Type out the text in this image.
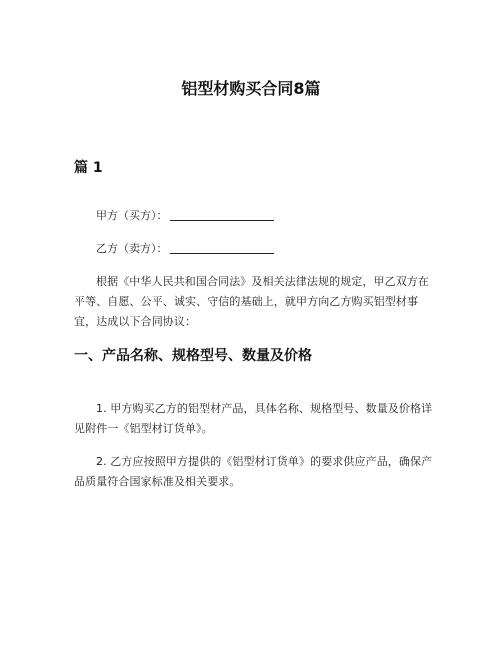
铝型材购买合同8篇
篇 1
甲方（买方）：
乙方（卖方）：
根据《中华人民共和国合同法》及相关法律法规的规定，甲乙双方在平等、自愿、公平、诚实、守信的基础上，就甲方向乙方购买铝型材事宜，达成以下合同协议：
一、产品名称、规格型号、数量及价格
1. 甲方购买乙方的铝型材产品，具体名称、规格型号、数量及价格详见附件一《铝型材订货单》。
2. 乙方应按照甲方提供的《铝型材订货单》的要求供应产品，确保产品质量符合国家标准及相关要求。
